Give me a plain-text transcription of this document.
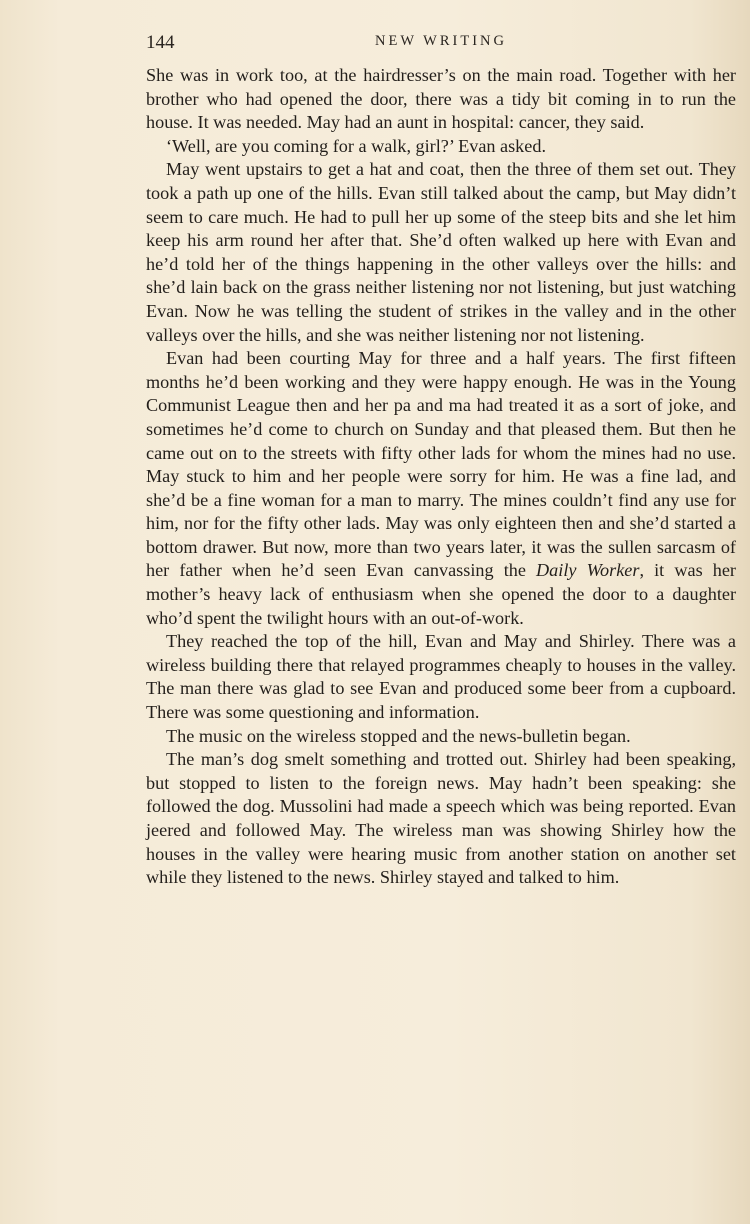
144	NEW WRITING

She was in work too, at the hairdresser’s on the main road. Together with her brother who had opened the door, there was a tidy bit coming in to run the house. It was needed. May had an aunt in hospital: cancer, they said.

‘Well, are you coming for a walk, girl?’ Evan asked.

May went upstairs to get a hat and coat, then the three of them set out. They took a path up one of the hills. Evan still talked about the camp, but May didn’t seem to care much. He had to pull her up some of the steep bits and she let him keep his arm round her after that. She’d often walked up here with Evan and he’d told her of the things happening in the other valleys over the hills: and she’d lain back on the grass neither listening nor not listening, but just watching Evan. Now he was telling the student of strikes in the valley and in the other valleys over the hills, and she was neither listening nor not listening.

Evan had been courting May for three and a half years. The first fifteen months he’d been working and they were happy enough. He was in the Young Communist League then and her pa and ma had treated it as a sort of joke, and sometimes he’d come to church on Sunday and that pleased them. But then he came out on to the streets with fifty other lads for whom the mines had no use. May stuck to him and her people were sorry for him. He was a fine lad, and she’d be a fine woman for a man to marry. The mines couldn’t find any use for him, nor for the fifty other lads. May was only eighteen then and she’d started a bottom drawer. But now, more than two years later, it was the sullen sarcasm of her father when he’d seen Evan canvassing the Daily Worker, it was her mother’s heavy lack of enthusiasm when she opened the door to a daughter who’d spent the twilight hours with an out-of-work.

They reached the top of the hill, Evan and May and Shirley. There was a wireless building there that relayed programmes cheaply to houses in the valley. The man there was glad to see Evan and produced some beer from a cupboard. There was some questioning and information.

The music on the wireless stopped and the news-bulletin began.

The man’s dog smelt something and trotted out. Shirley had been speaking, but stopped to listen to the foreign news. May hadn’t been speaking: she followed the dog. Mussolini had made a speech which was being reported. Evan jeered and followed May. The wireless man was showing Shirley how the houses in the valley were hearing music from another station on another set while they listened to the news. Shirley stayed and talked to him.
